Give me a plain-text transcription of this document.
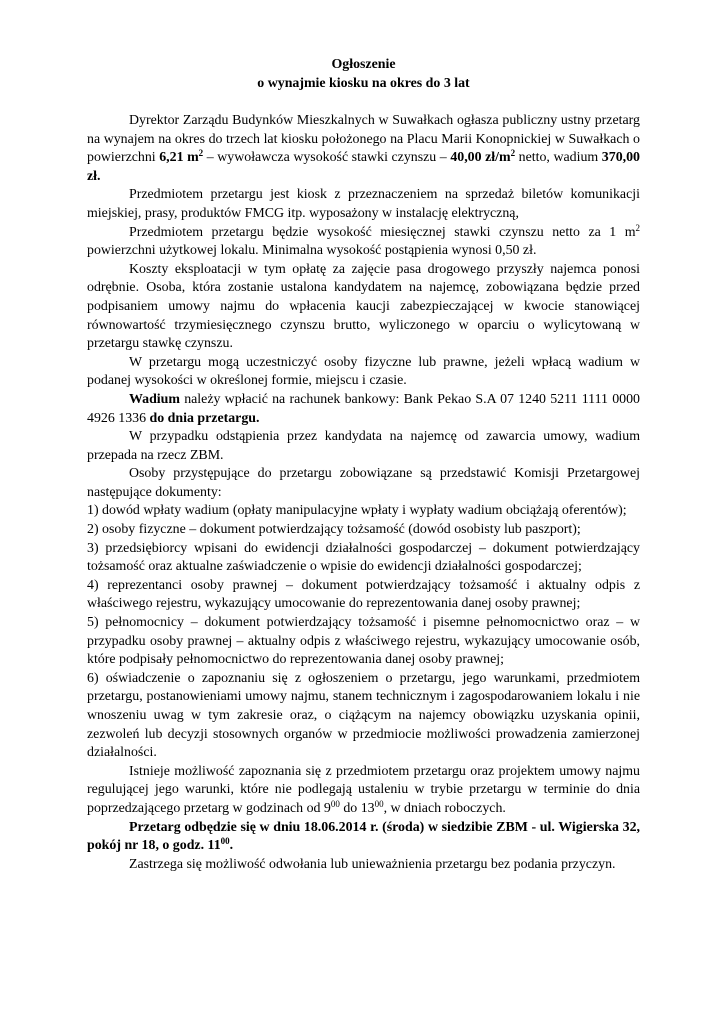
Ogłoszenie
o wynajmie kiosku na okres do 3 lat

Dyrektor Zarządu Budynków Mieszkalnych w Suwałkach ogłasza publiczny ustny przetarg na wynajem na okres do trzech lat kiosku położonego na Placu Marii Konopnickiej w Suwałkach o powierzchni 6,21 $m^2$ – wywoławcza wysokość stawki czynszu – 40,00 $zł/m^2$ netto, wadium 370,00 zł.

Przedmiotem przetargu jest kiosk z przeznaczeniem na sprzedaż biletów komunikacji miejskiej, prasy, produktów FMCG itp. wyposażony w instalację elektryczną,

Przedmiotem przetargu będzie wysokość miesięcznej stawki czynszu netto za 1 $m^2$ powierzchni użytkowej lokalu. Minimalna wysokość postąpienia wynosi 0,50 zł.

Koszty eksploatacji w tym opłatę za zajęcie pasa drogowego przyszły najemca ponosi odrębnie. Osoba, która zostanie ustalona kandydatem na najemcę, zobowiązana będzie przed podpisaniem umowy najmu do wpłacenia kaucji zabezpieczającej w kwocie stanowiącej równowartość trzymiesięcznego czynszu brutto, wyliczonego w oparciu o wylicytowaną w przetargu stawkę czynszu.

W przetargu mogą uczestniczyć osoby fizyczne lub prawne, jeżeli wpłacą wadium w podanej wysokości w określonej formie, miejscu i czasie.

Wadium należy wpłacić na rachunek bankowy: Bank Pekao S.A 07 1240 5211 1111 0000 4926 1336 do dnia przetargu.

W przypadku odstąpienia przez kandydata na najemcę od zawarcia umowy, wadium przepada na rzecz ZBM.

Osoby przystępujące do przetargu zobowiązane są przedstawić Komisji Przetargowej następujące dokumenty:

1) dowód wpłaty wadium (opłaty manipulacyjne wpłaty i wypłaty wadium obciążają oferentów);

2) osoby fizyczne – dokument potwierdzający tożsamość (dowód osobisty lub paszport);

3) przedsiębiorcy wpisani do ewidencji działalności gospodarczej – dokument potwierdzający tożsamość oraz aktualne zaświadczenie o wpisie do ewidencji działalności gospodarczej;

4) reprezentanci osoby prawnej – dokument potwierdzający tożsamość i aktualny odpis z właściwego rejestru, wykazujący umocowanie do reprezentowania danej osoby prawnej;

5) pełnomocnicy – dokument potwierdzający tożsamość i pisemne pełnomocnictwo oraz – w przypadku osoby prawnej – aktualny odpis z właściwego rejestru, wykazujący umocowanie osób, które podpisały pełnomocnictwo do reprezentowania danej osoby prawnej;

6) oświadczenie o zapoznaniu się z ogłoszeniem o przetargu, jego warunkami, przedmiotem przetargu, postanowieniami umowy najmu, stanem technicznym i zagospodarowaniem lokalu i nie wnoszeniu uwag w tym zakresie oraz, o ciążącym na najemcy obowiązku uzyskania opinii, zezwoleń lub decyzji stosownych organów w przedmiocie możliwości prowadzenia zamierzonej działalności.

Istnieje możliwość zapoznania się z przedmiotem przetargu oraz projektem umowy najmu regulującej jego warunki, które nie podlegają ustaleniu w trybie przetargu w terminie do dnia poprzedzającego przetarg w godzinach od $9^{00}$ do $13^{00}$, w dniach roboczych.

Przetarg odbędzie się w dniu 18.06.2014 r. (środa) w siedzibie ZBM - ul. Wigierska 32, pokój nr 18, o godz. $11^{00}$.

Zastrzega się możliwość odwołania lub unieważnienia przetargu bez podania przyczyn.
